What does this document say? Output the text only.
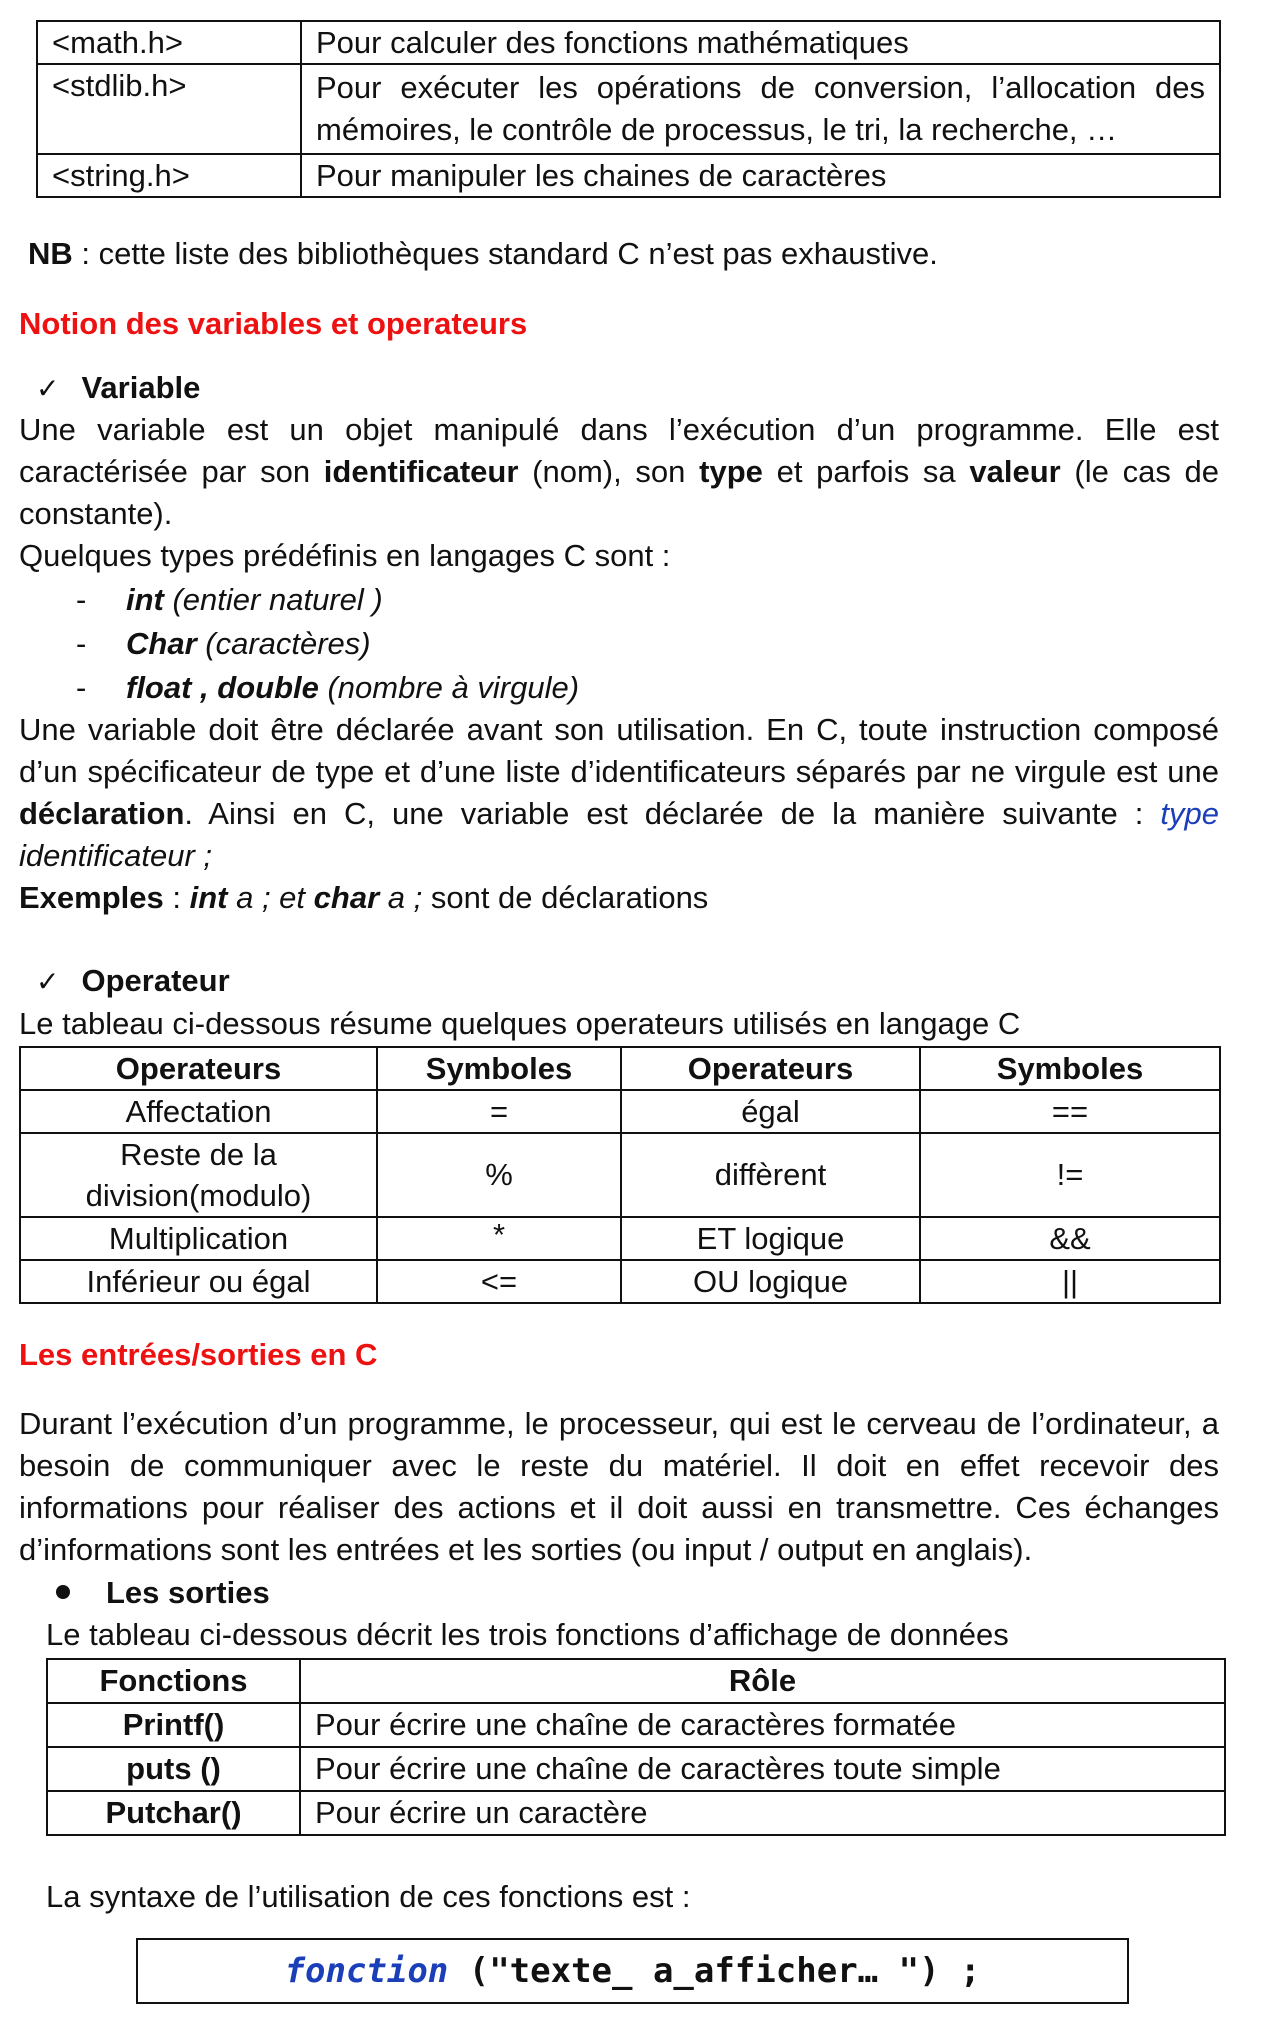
<math.h>	Pour calculer des fonctions mathématiques
<stdlib.h>	Pour exécuter les opérations de conversion, l’allocation des mémoires, le contrôle de processus, le tri, la recherche, …
<string.h>	Pour manipuler les chaines de caractères
NB : cette liste des bibliothèques standard C n’est pas exhaustive.
Notion des variables et operateurs
✓ Variable
Une variable est un objet manipulé dans l’exécution d’un programme. Elle est caractérisée par son identificateur (nom), son type et parfois sa valeur (le cas de constante).
Quelques types prédéfinis en langages C sont :
- int (entier naturel )
- Char (caractères)
- float , double (nombre à virgule)
Une variable doit être déclarée avant son utilisation. En C, toute instruction composé d’un spécificateur de type et d’une liste d’identificateurs séparés par ne virgule est une déclaration. Ainsi en C, une variable est déclarée de la manière suivante : type identificateur ;
Exemples : int a ; et char a ; sont de déclarations
✓ Operateur
Le tableau ci-dessous résume quelques operateurs utilisés en langage C
Operateurs	Symboles	Operateurs	Symboles
Affectation	=	égal	==

Reste de la
division(modulo)	%	diffèrent	!=
Multiplication	*	ET logique	&&
Inférieur ou égal	<=	OU logique	||
Les entrées/sorties en C
Durant l’exécution d’un programme, le processeur, qui est le cerveau de l’ordinateur, a besoin de communiquer avec le reste du matériel. Il doit en effet recevoir des informations pour réaliser des actions et il doit aussi en transmettre. Ces échanges d’informations sont les entrées et les sorties (ou input / output en anglais).
Les sorties
Le tableau ci-dessous décrit les trois fonctions d’affichage de données
Fonctions	Rôle
Printf()	Pour écrire une chaîne de caractères formatée
puts ()	Pour écrire une chaîne de caractères toute simple
Putchar()	Pour écrire un caractère
La syntaxe de l’utilisation de ces fonctions est :
fonction ("texte_ a_afficher… ") ;
